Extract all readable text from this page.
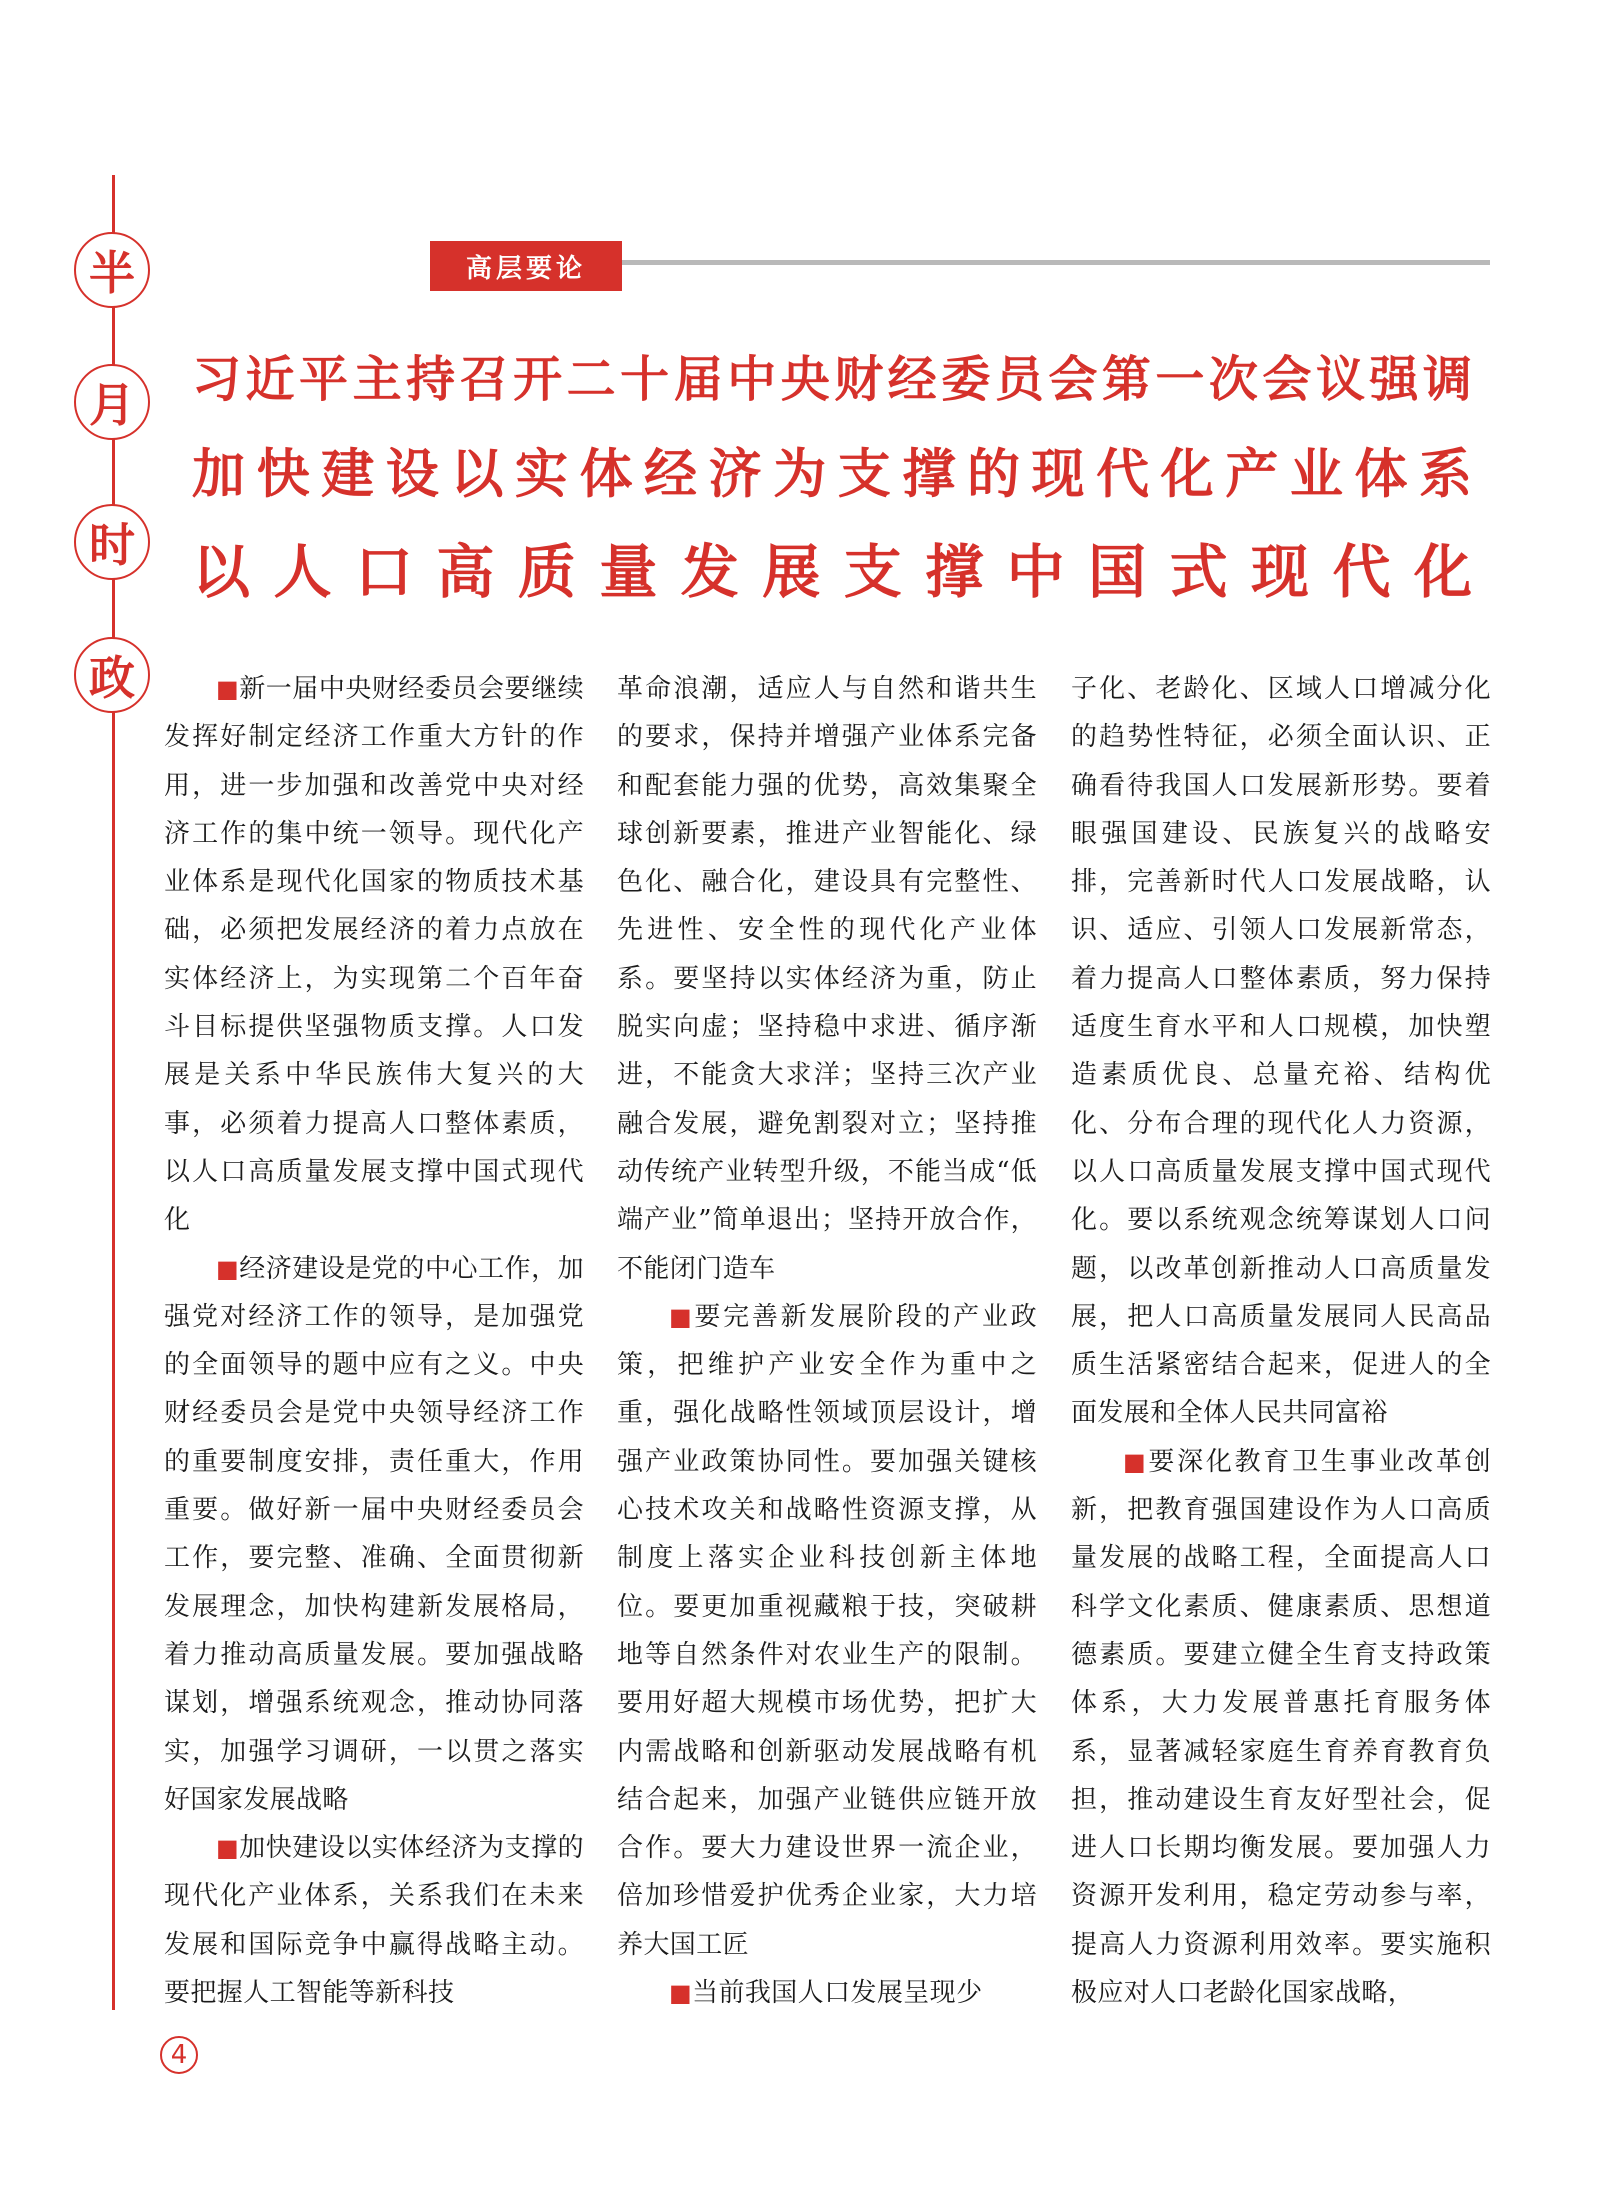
半
月
时
政
4
高层要论
习近平主持召开二十届中央财经委员会第一次会议强调
加快建设以实体经济为支撑的现代化产业体系
以人口高质量发展支撑中国式现代化

■新一届中央财经委员会要继续发挥好制定经济工作重大方针的作用，进一步加强和改善党中央对经济工作的集中统一领导。现代化产业体系是现代化国家的物质技术基础，必须把发展经济的着力点放在实体经济上，为实现第二个百年奋斗目标提供坚强物质支撑。人口发展是关系中华民族伟大复兴的大事，必须着力提高人口整体素质，以人口高质量发展支撑中国式现代化

■经济建设是党的中心工作，加强党对经济工作的领导，是加强党的全面领导的题中应有之义。中央财经委员会是党中央领导经济工作的重要制度安排，责任重大，作用重要。做好新一届中央财经委员会工作，要完整、准确、全面贯彻新发展理念，加快构建新发展格局，着力推动高质量发展。要加强战略谋划，增强系统观念，推动协同落实，加强学习调研，一以贯之落实好国家发展战略

■加快建设以实体经济为支撑的现代化产业体系，关系我们在未来发展和国际竞争中赢得战略主动。要把握人工智能等新科技

革命浪潮，适应人与自然和谐共生的要求，保持并增强产业体系完备和配套能力强的优势，高效集聚全球创新要素，推进产业智能化、绿色化、融合化，建设具有完整性、先进性、安全性的现代化产业体系。要坚持以实体经济为重，防止脱实向虚；坚持稳中求进、循序渐进，不能贪大求洋；坚持三次产业融合发展，避免割裂对立；坚持推动传统产业转型升级，不能当成“低端产业”简单退出；坚持开放合作，不能闭门造车

■要完善新发展阶段的产业政策，把维护产业安全作为重中之重，强化战略性领域顶层设计，增强产业政策协同性。要加强关键核心技术攻关和战略性资源支撑，从制度上落实企业科技创新主体地位。要更加重视藏粮于技，突破耕地等自然条件对农业生产的限制。要用好超大规模市场优势，把扩大内需战略和创新驱动发展战略有机结合起来，加强产业链供应链开放合作。要大力建设世界一流企业，倍加珍惜爱护优秀企业家，大力培养大国工匠

■当前我国人口发展呈现少

子化、老龄化、区域人口增减分化的趋势性特征，必须全面认识、正确看待我国人口发展新形势。要着眼强国建设、民族复兴的战略安排，完善新时代人口发展战略，认识、适应、引领人口发展新常态，着力提高人口整体素质，努力保持适度生育水平和人口规模，加快塑造素质优良、总量充裕、结构优化、分布合理的现代化人力资源，以人口高质量发展支撑中国式现代化。要以系统观念统筹谋划人口问题，以改革创新推动人口高质量发展，把人口高质量发展同人民高品质生活紧密结合起来，促进人的全面发展和全体人民共同富裕

■要深化教育卫生事业改革创新，把教育强国建设作为人口高质量发展的战略工程，全面提高人口科学文化素质、健康素质、思想道德素质。要建立健全生育支持政策体系，大力发展普惠托育服务体系，显著减轻家庭生育养育教育负担，推动建设生育友好型社会，促进人口长期均衡发展。要加强人力资源开发利用，稳定劳动参与率，提高人力资源利用效率。要实施积极应对人口老龄化国家战略，
